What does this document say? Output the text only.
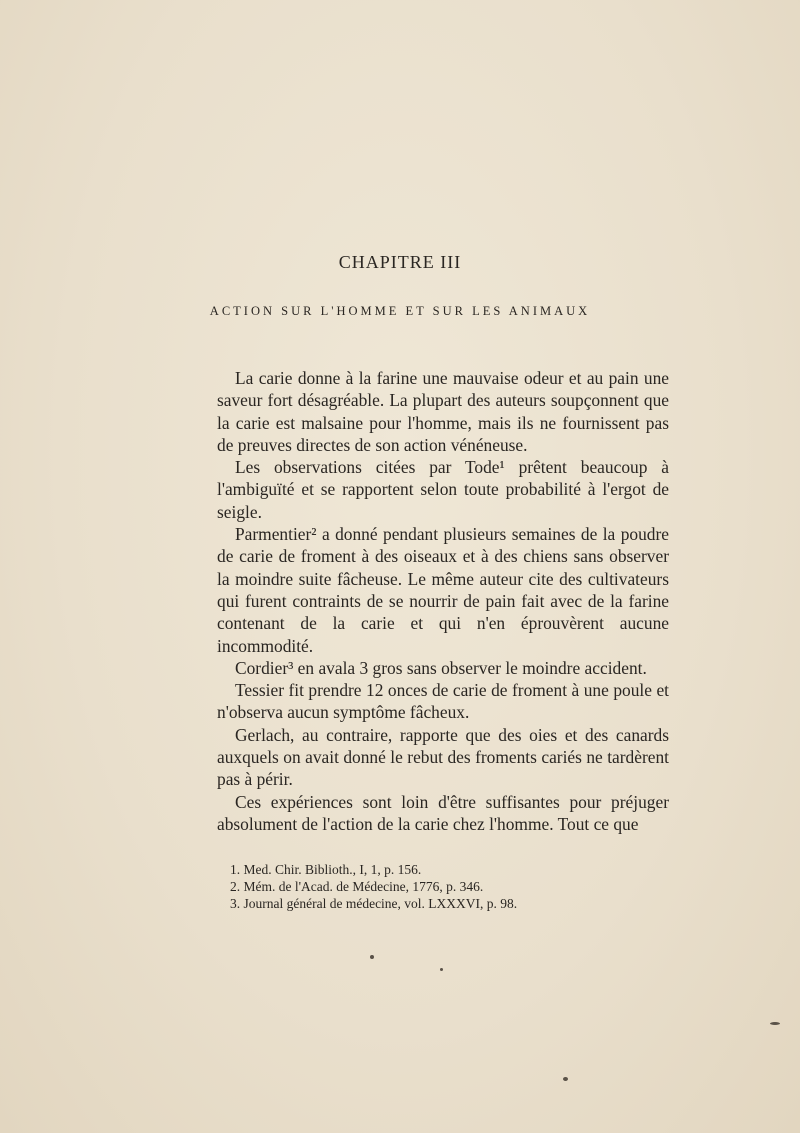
CHAPITRE III
ACTION SUR L'HOMME ET SUR LES ANIMAUX

La carie donne à la farine une mauvaise odeur et au pain une saveur fort désagréable. La plupart des auteurs soupçonnent que la carie est malsaine pour l'homme, mais ils ne fournissent pas de preuves directes de son action vénéneuse.

Les observations citées par Tode¹ prêtent beaucoup à l'ambiguïté et se rapportent selon toute probabilité à l'ergot de seigle.

Parmentier² a donné pendant plusieurs semaines de la poudre de carie de froment à des oiseaux et à des chiens sans observer la moindre suite fâcheuse. Le même auteur cite des cultivateurs qui furent contraints de se nourrir de pain fait avec de la farine contenant de la carie et qui n'en éprouvèrent aucune incommodité.

Cordier³ en avala 3 gros sans observer le moindre accident.

Tessier fit prendre 12 onces de carie de froment à une poule et n'observa aucun symptôme fâcheux.

Gerlach, au contraire, rapporte que des oies et des canards auxquels on avait donné le rebut des froments cariés ne tardèrent pas à périr.

Ces expériences sont loin d'être suffisantes pour préjuger absolument de l'action de la carie chez l'homme. Tout ce que

1. Med. Chir. Biblioth., I, 1, p. 156.
2. Mém. de l'Acad. de Médecine, 1776, p. 346.
3. Journal général de médecine, vol. LXXXVI, p. 98.
